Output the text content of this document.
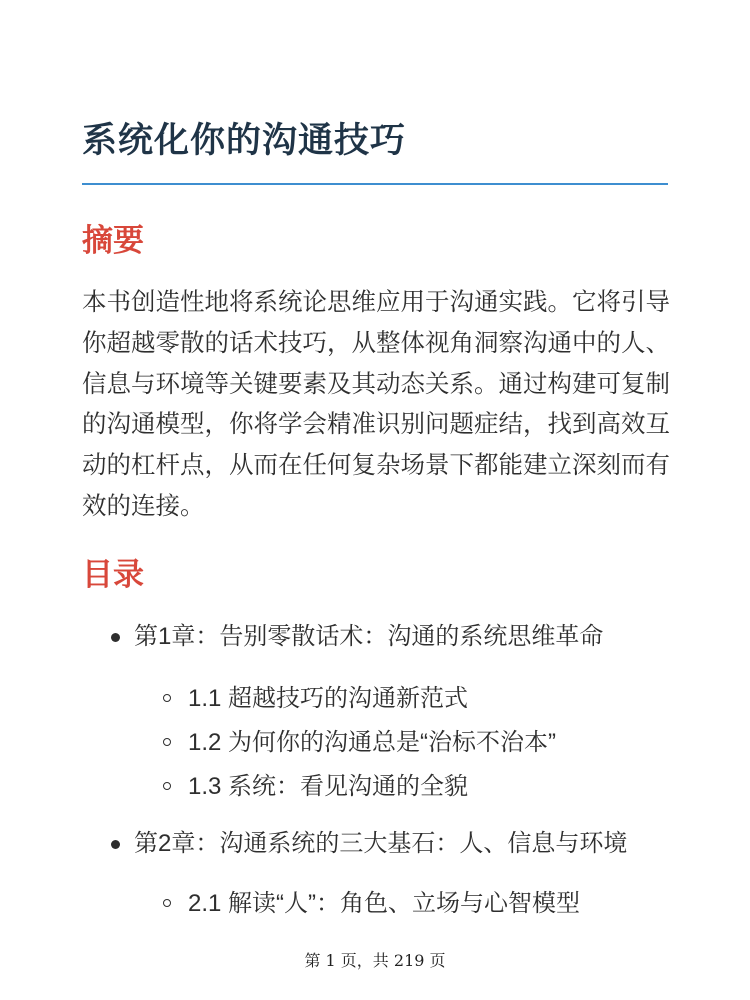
系统化你的沟通技巧
摘要

本书创造性地将系统论思维应用于沟通实践。它将引导你超越零散的话术技巧，从整体视角洞察沟通中的人、信息与环境等关键要素及其动态关系。通过构建可复制的沟通模型，你将学会精准识别问题症结，找到高效互动的杠杆点，从而在任何复杂场景下都能建立深刻而有效的连接。

目录
第1章：告别零散话术：沟通的系统思维革命
1.1 超越技巧的沟通新范式
1.2 为何你的沟通总是“治标不治本”
1.3 系统：看见沟通的全貌
第2章：沟通系统的三大基石：人、信息与环境
2.1 解读“人”：角色、立场与心智模型
第 1 页，共 219 页
